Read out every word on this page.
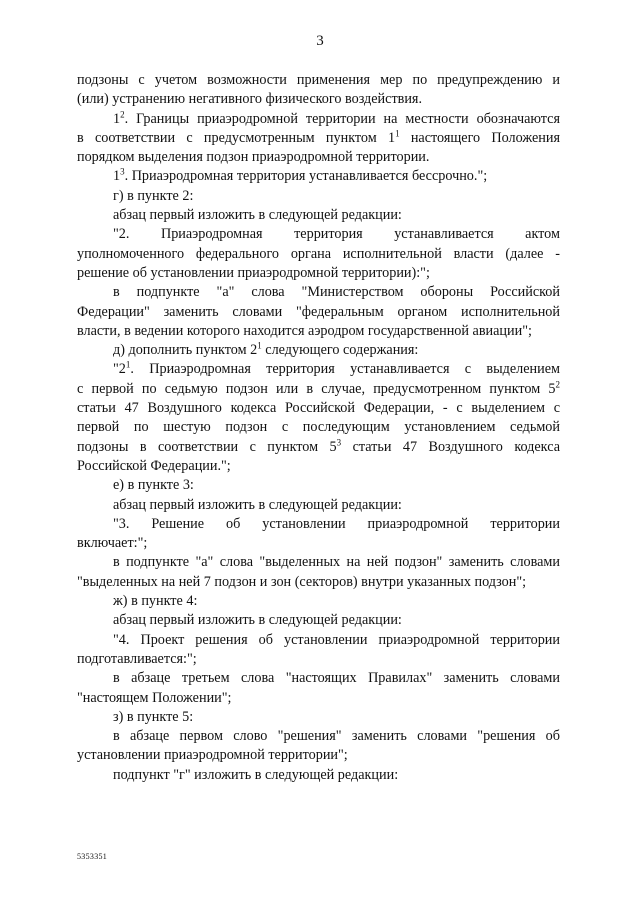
3
подзоны с учетом возможности применения мер по предупреждению и
(или) устранению негативного физического воздействия.
$1^2$. Границы приаэродромной территории на местности обозначаются
в соответствии с предусмотренным пунктом $1^1$ настоящего Положения
порядком выделения подзон приаэродромной территории.
$1^3$. Приаэродромная территория устанавливается бессрочно.";
г) в пункте 2:
абзац первый изложить в следующей редакции:
"2. Приаэродромная территория устанавливается актом
уполномоченного федерального органа исполнительной власти (далее -
решение об установлении приаэродромной территории):";
в подпункте "а" слова "Министерством обороны Российской
Федерации" заменить словами "федеральным органом исполнительной
власти, в ведении которого находится аэродром государственной авиации";
д) дополнить пунктом $2^1$ следующего содержания:
"$2^1$. Приаэродромная территория устанавливается с выделением
с первой по седьмую подзон или в случае, предусмотренном пунктом $5^2$
статьи 47 Воздушного кодекса Российской Федерации, - с выделением с
первой по шестую подзон с последующим установлением седьмой
подзоны в соответствии с пунктом $5^3$ статьи 47 Воздушного кодекса
Российской Федерации.";
е) в пункте 3:
абзац первый изложить в следующей редакции:
"3. Решение об установлении приаэродромной территории
включает:";
в подпункте "а" слова "выделенных на ней подзон" заменить словами
"выделенных на ней 7 подзон и зон (секторов) внутри указанных подзон";
ж) в пункте 4:
абзац первый изложить в следующей редакции:
"4. Проект решения об установлении приаэродромной территории
подготавливается:";
в абзаце третьем слова "настоящих Правилах" заменить словами
"настоящем Положении";
з) в пункте 5:
в абзаце первом слово "решения" заменить словами "решения об
установлении приаэродромной территории";
подпункт "г" изложить в следующей редакции:
5353351
